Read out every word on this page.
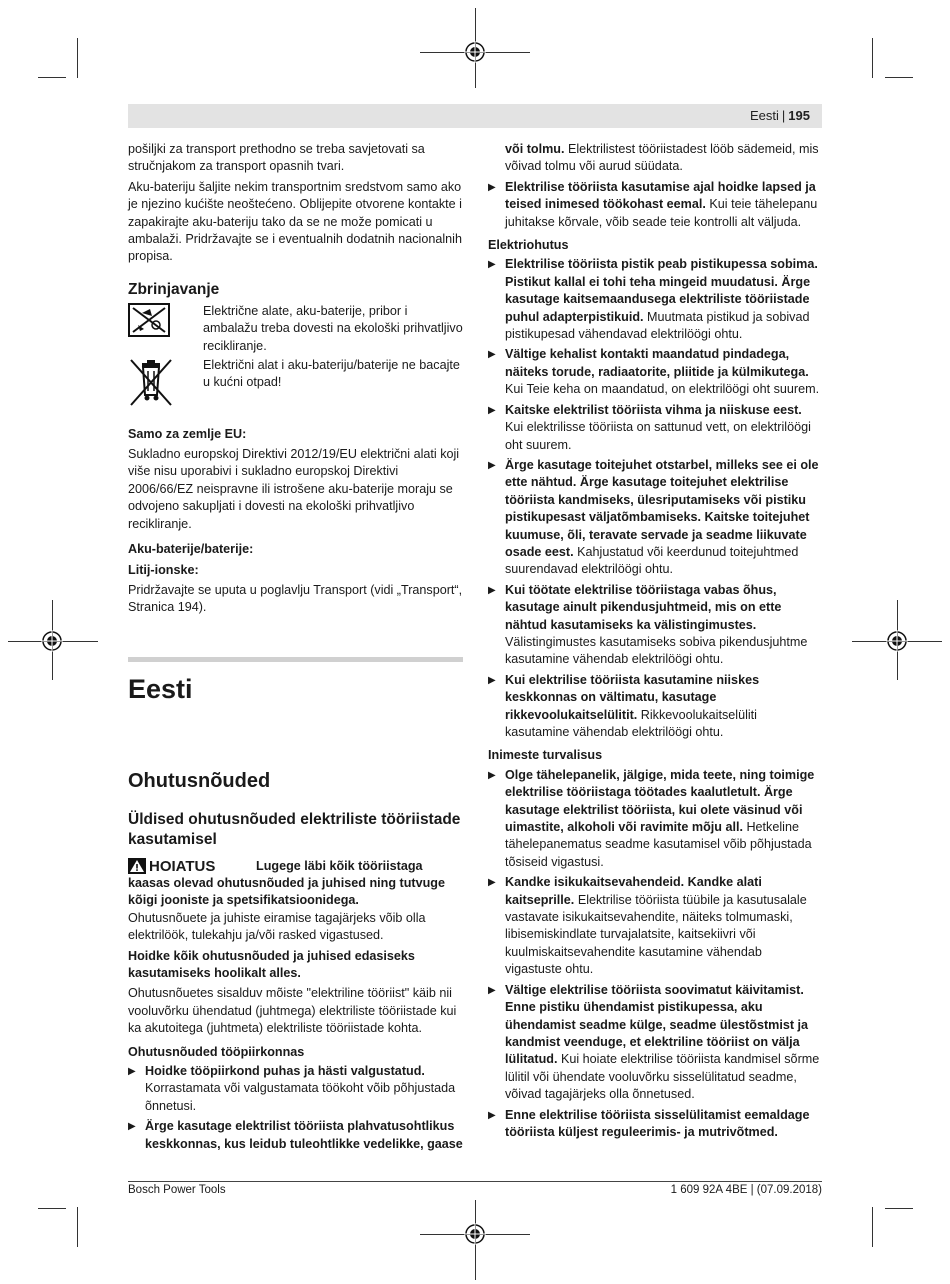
Eesti | 195

pošiljki za transport prethodno se treba savjetovati sa stručnjakom za transport opasnih tvari.

Aku-bateriju šaljite nekim transportnim sredstvom samo ako je njezino kućište neoštećeno. Oblijepite otvorene kontakte i zapakirajte aku-bateriju tako da se ne može pomicati u ambalaži. Pridržavajte se i eventualnih dodatnih nacionalnih propisa.

Zbrinjavanje
Električne alate, aku-baterije, pribor i ambalažu treba dovesti na ekološki prihvatljivo recikliranje.
Električni alat i aku-bateriju/baterije ne bacajte u kućni otpad!
Samo za zemlje EU:

Sukladno europskoj Direktivi 2012/19/EU električni alati koji više nisu uporabivi i sukladno europskoj Direktivi 2006/66/EZ neispravne ili istrošene aku-baterije moraju se odvojeno sakupljati i dovesti na ekološki prihvatljivo recikliranje.

Aku-baterije/baterije:
Litij-ionske:

Pridržavajte se uputa u poglavlju Transport (vidi „Transport“, Stranica 194).

Eesti
Ohutusnõuded
Üldised ohutusnõuded elektriliste tööriistade kasutamisel
HOIATUS	Lugege läbi kõik tööriistaga kaasas olevad ohutusnõuded ja juhised ning tutvuge kõigi jooniste ja spetsifikatsioonidega.

Ohutusnõuete ja juhiste eiramise tagajärjeks võib olla elektrilöök, tulekahju ja/või rasked vigastused.

Hoidke kõik ohutusnõuded ja juhised edasiseks kasutamiseks hoolikalt alles.

Ohutusnõuetes sisalduv mõiste "elektriline tööriist" käib nii vooluvõrku ühendatud (juhtmega) elektriliste tööriistade kui ka akutoitega (juhtmeta) elektriliste tööriistade kohta.

Ohutusnõuded tööpiirkonnas
▶ Hoidke tööpiirkond puhas ja hästi valgustatud. Korrastamata või valgustamata töökoht võib põhjustada õnnetusi.
▶ Ärge kasutage elektrilist tööriista plahvatusohtlikus keskkonnas, kus leidub tuleohtlikke vedelikke, gaase
või tolmu. Elektrilistest tööriistadest lööb sädemeid, mis võivad tolmu või aurud süüdata.
▶ Elektrilise tööriista kasutamise ajal hoidke lapsed ja teised inimesed töökohast eemal. Kui teie tähelepanu juhitakse kõrvale, võib seade teie kontrolli alt väljuda.
Elektriohutus
▶ Elektrilise tööriista pistik peab pistikupessa sobima. Pistikut kallal ei tohi teha mingeid muudatusi. Ärge kasutage kaitsemaandusega elektriliste tööriistade puhul adapterpistikuid. Muutmata pistikud ja sobivad pistikupesad vähendavad elektrilöögi ohtu.
▶ Vältige kehalist kontakti maandatud pindadega, näiteks torude, radiaatorite, pliitide ja külmikutega. Kui Teie keha on maandatud, on elektrilöögi oht suurem.
▶ Kaitske elektrilist tööriista vihma ja niiskuse eest. Kui elektrilisse tööriista on sattunud vett, on elektrilöögi oht suurem.
▶ Ärge kasutage toitejuhet otstarbel, milleks see ei ole ette nähtud. Ärge kasutage toitejuhet elektrilise tööriista kandmiseks, ülesriputamiseks või pistiku pistikupesast väljatõmbamiseks. Kaitske toitejuhet kuumuse, õli, teravate servade ja seadme liikuvate osade eest. Kahjustatud või keerdunud toitejuhtmed suurendavad elektrilöögi ohtu.
▶ Kui töötate elektrilise tööriistaga vabas õhus, kasutage ainult pikendusjuhtmeid, mis on ette nähtud kasutamiseks ka välistingimustes. Välistingimustes kasutamiseks sobiva pikendusjuhtme kasutamine vähendab elektrilöögi ohtu.
▶ Kui elektrilise tööriista kasutamine niiskes keskkonnas on vältimatu, kasutage rikkevoolukaitselülitit. Rikkevoolukaitselüliti kasutamine vähendab elektrilöögi ohtu.
Inimeste turvalisus
▶ Olge tähelepanelik, jälgige, mida teete, ning toimige elektrilise tööriistaga töötades kaalutletult. Ärge kasutage elektrilist tööriista, kui olete väsinud või uimastite, alkoholi või ravimite mõju all. Hetkeline tähelepanematus seadme kasutamisel võib põhjustada tõsiseid vigastusi.
▶ Kandke isikukaitsevahendeid. Kandke alati kaitseprille. Elektrilise tööriista tüübile ja kasutusalale vastavate isikukaitsevahendite, näiteks tolmumaski, libisemiskindlate turvajalatsite, kaitsekiivri või kuulmiskaitsevahendite kasutamine vähendab vigastuste ohtu.
▶ Vältige elektrilise tööriista soovimatut käivitamist. Enne pistiku ühendamist pistikupessa, aku ühendamist seadme külge, seadme ülestõstmist ja kandmist veenduge, et elektriline tööriist on välja lülitatud. Kui hoiate elektrilise tööriista kandmisel sõrme lülitil või ühendate vooluvõrku sisselülitatud seadme, võivad tagajärjeks olla õnnetused.
▶ Enne elektrilise tööriista sisselülitamist eemaldage tööriista küljest reguleerimis- ja mutrivõtmed.
Bosch Power Tools	1 609 92A 4BE | (07.09.2018)
